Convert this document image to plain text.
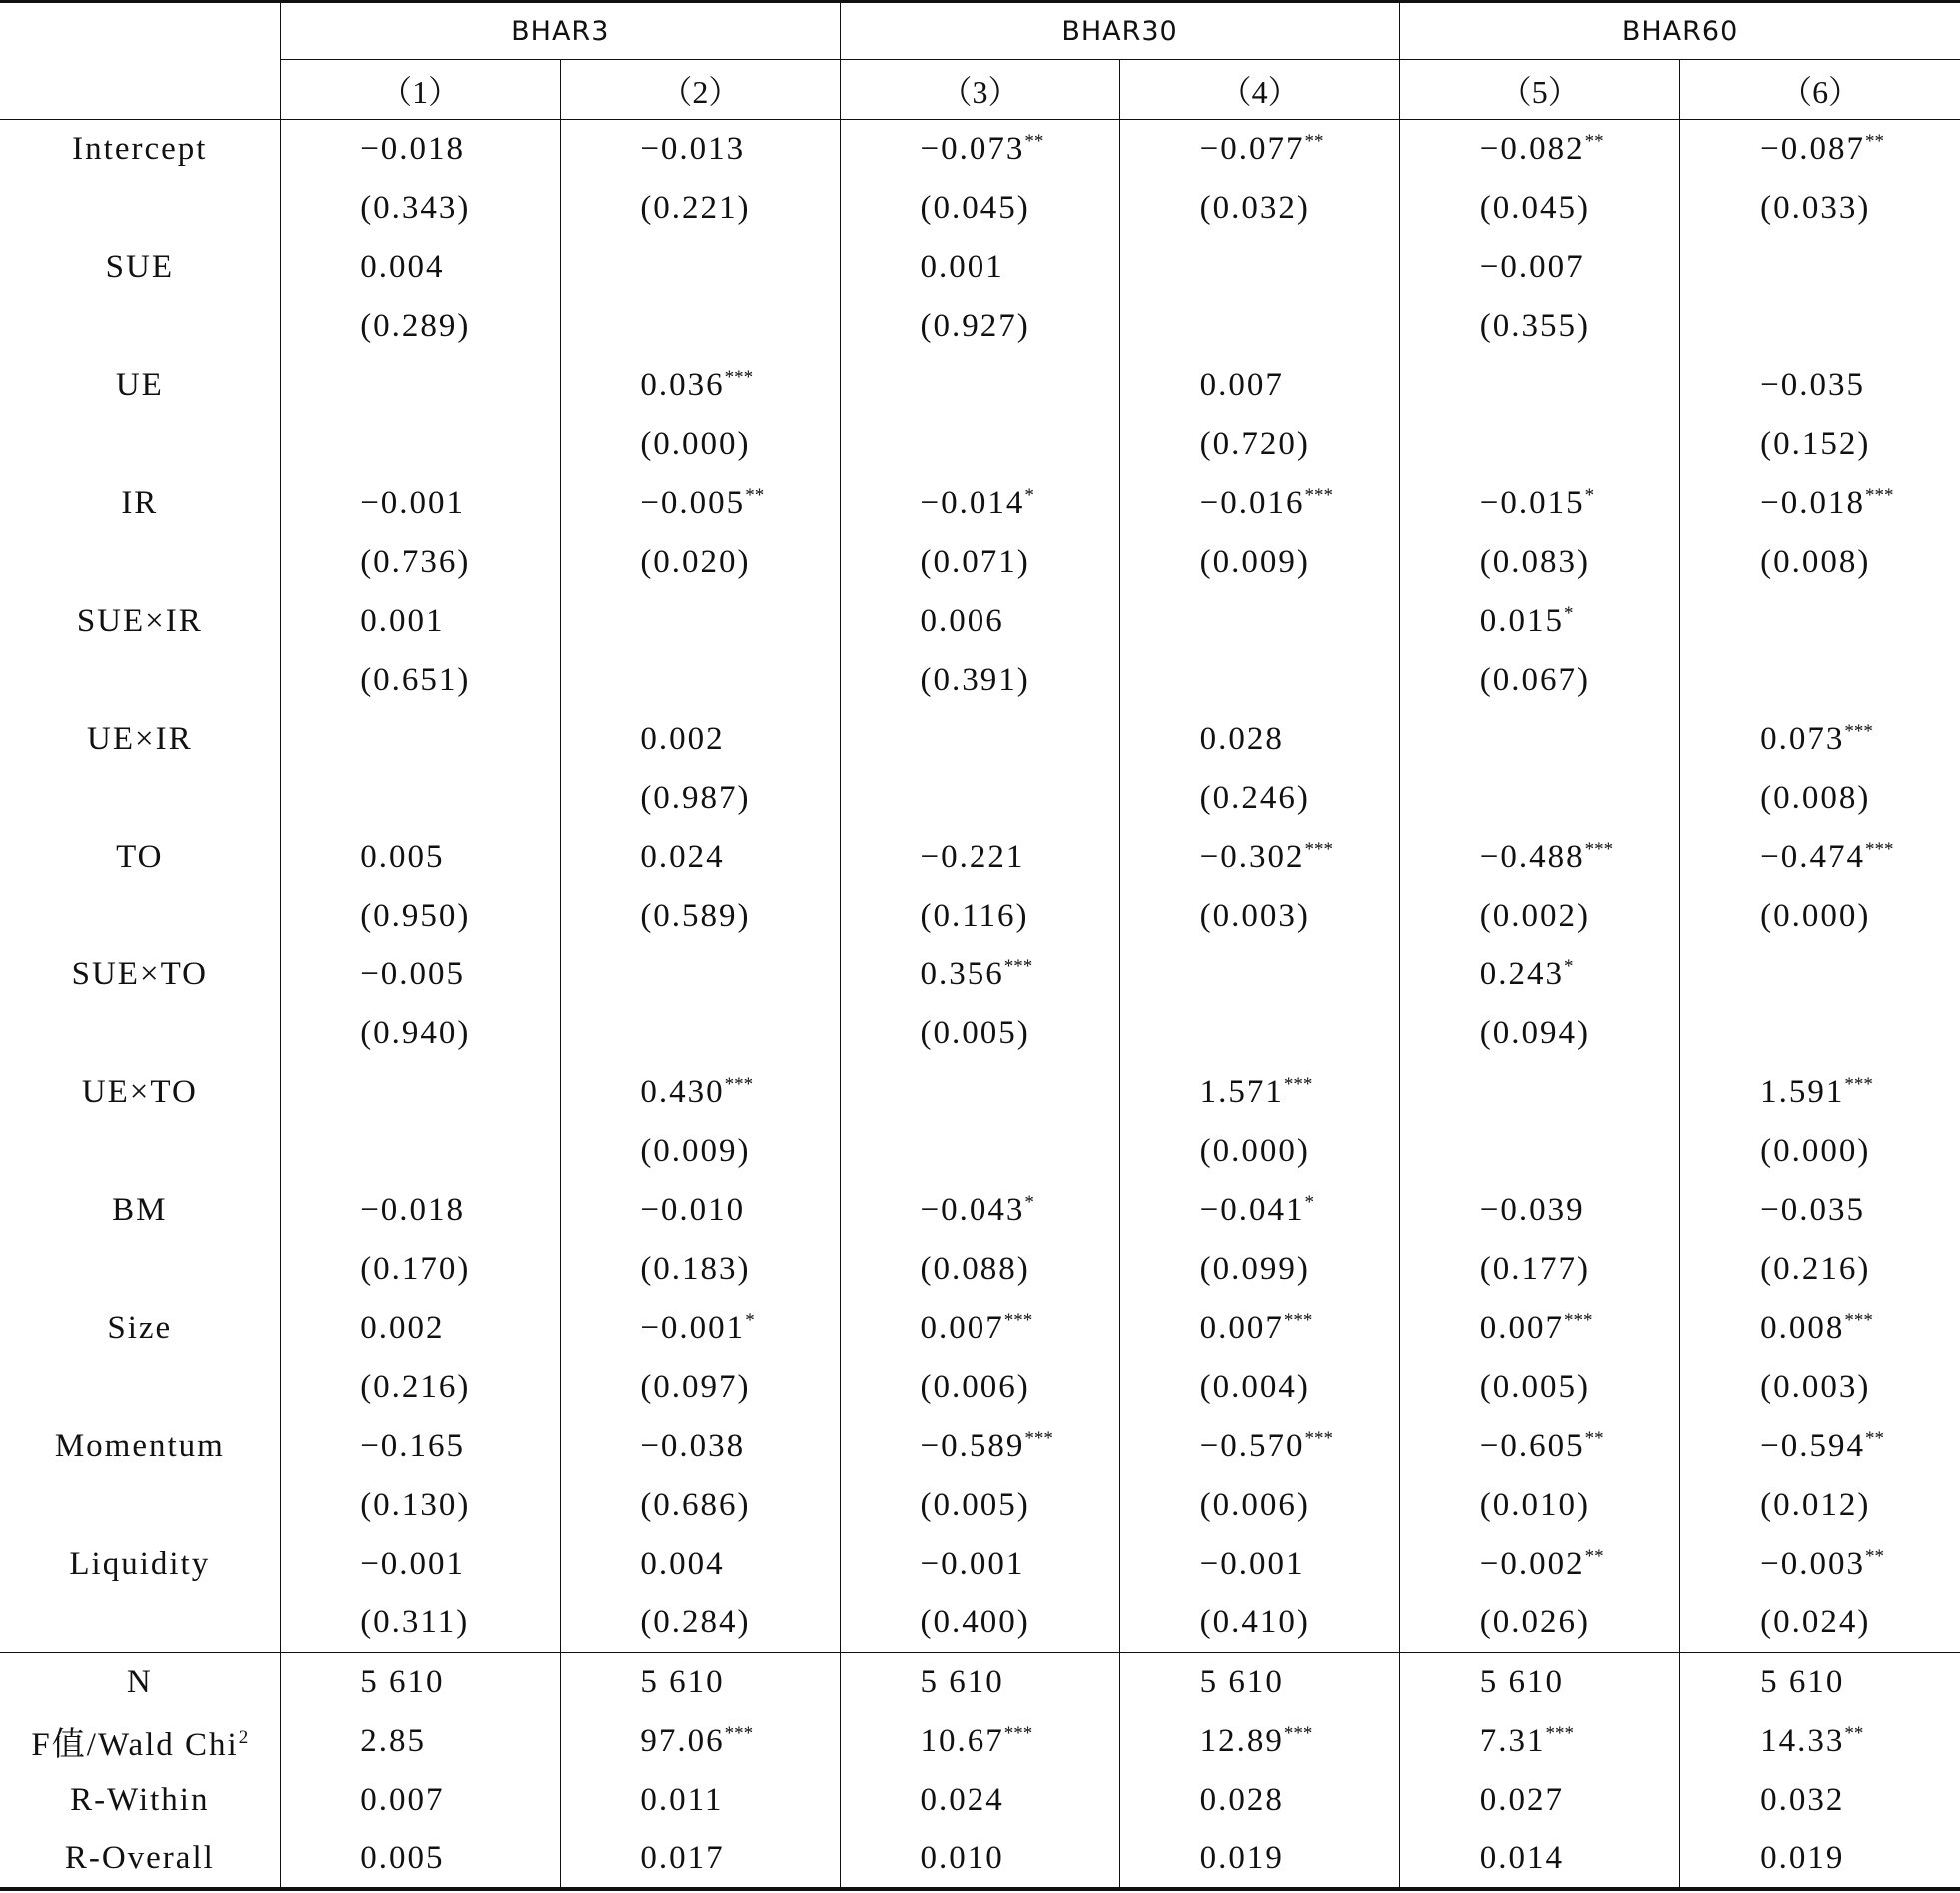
	BHAR3		BHAR30		BHAR60	
	（1）	（2）	（3）	（4）	（5）	（6）
Intercept	−0.018	−0.013	−0.073**	−0.077**	−0.082**	−0.087**
	(0.343)	(0.221)	(0.045)	(0.032)	(0.045)	(0.033)
SUE	0.004		0.001		−0.007	
	(0.289)		(0.927)		(0.355)	
UE		0.036***		0.007		−0.035
		(0.000)		(0.720)		(0.152)
IR	−0.001	−0.005**	−0.014*	−0.016***	−0.015*	−0.018***
	(0.736)	(0.020)	(0.071)	(0.009)	(0.083)	(0.008)
SUE×IR	0.001		0.006		0.015*	
	(0.651)		(0.391)		(0.067)	
UE×IR		0.002		0.028		0.073***
		(0.987)		(0.246)		(0.008)
TO	0.005	0.024	−0.221	−0.302***	−0.488***	−0.474***
	(0.950)	(0.589)	(0.116)	(0.003)	(0.002)	(0.000)
SUE×TO	−0.005		0.356***		0.243*	
	(0.940)		(0.005)		(0.094)	
UE×TO		0.430***		1.571***		1.591***
		(0.009)		(0.000)		(0.000)
BM	−0.018	−0.010	−0.043*	−0.041*	−0.039	−0.035
	(0.170)	(0.183)	(0.088)	(0.099)	(0.177)	(0.216)
Size	0.002	−0.001*	0.007***	0.007***	0.007***	0.008***
	(0.216)	(0.097)	(0.006)	(0.004)	(0.005)	(0.003)
Momentum	−0.165	−0.038	−0.589***	−0.570***	−0.605**	−0.594**
	(0.130)	(0.686)	(0.005)	(0.006)	(0.010)	(0.012)
Liquidity	−0.001	0.004	−0.001	−0.001	−0.002**	−0.003**
	(0.311)	(0.284)	(0.400)	(0.410)	(0.026)	(0.024)
N	5 610	5 610	5 610	5 610	5 610	5 610
F值/Wald Chi$^2$	2.85	97.06***	10.67***	12.89***	7.31***	14.33**
R-Within	0.007	0.011	0.024	0.028	0.027	0.032
R-Overall	0.005	0.017	0.010	0.019	0.014	0.019
